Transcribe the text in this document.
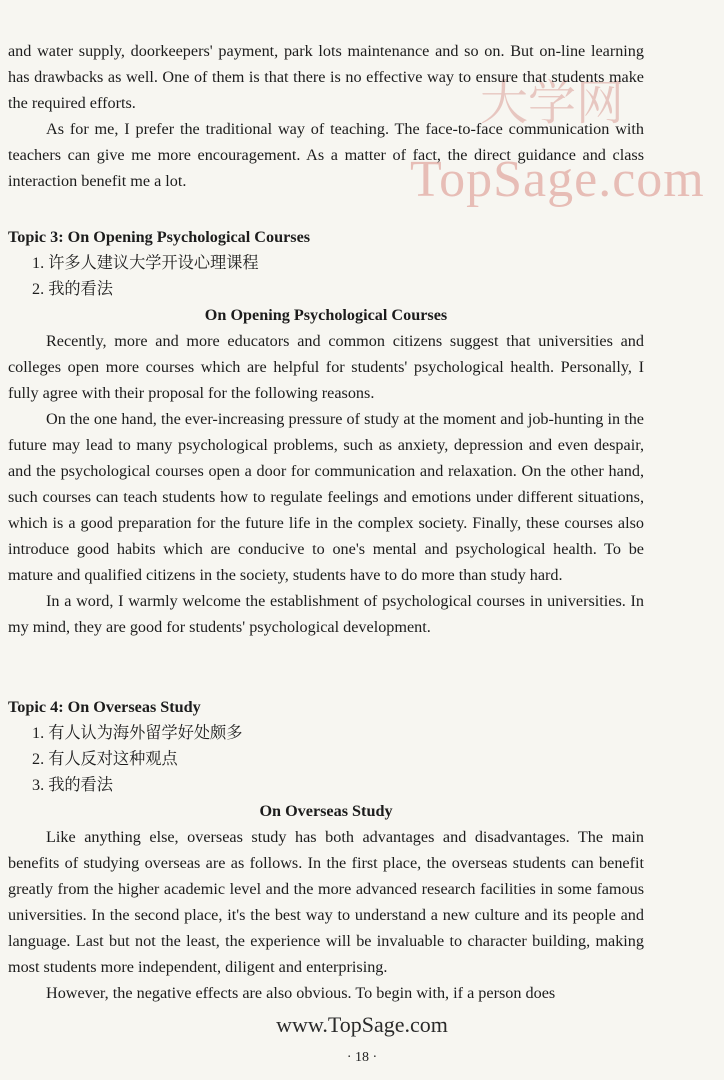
大学网
TopSage.com

and water supply, doorkeepers' payment, park lots maintenance and so on. But on-line learning has drawbacks as well. One of them is that there is no effective way to ensure that students make the required efforts.

As for me, I prefer the traditional way of teaching. The face-to-face communication with teachers can give me more encouragement. As a matter of fact, the direct guidance and class interaction benefit me a lot.

Topic 3: On Opening Psychological Courses

1. 许多人建议大学开设心理课程
2. 我的看法

On Opening Psychological Courses

Recently, more and more educators and common citizens suggest that universities and colleges open more courses which are helpful for students' psychological health. Personally, I fully agree with their proposal for the following reasons.

On the one hand, the ever-increasing pressure of study at the moment and job-hunting in the future may lead to many psychological problems, such as anxiety, depression and even despair, and the psychological courses open a door for communication and relaxation. On the other hand, such courses can teach students how to regulate feelings and emotions under different situations, which is a good preparation for the future life in the complex society. Finally, these courses also introduce good habits which are conducive to one's mental and psychological health. To be mature and qualified citizens in the society, students have to do more than study hard.

In a word, I warmly welcome the establishment of psychological courses in universities. In my mind, they are good for students' psychological development.

Topic 4: On Overseas Study

1. 有人认为海外留学好处颇多
2. 有人反对这种观点
3. 我的看法

On Overseas Study

Like anything else, overseas study has both advantages and disadvantages. The main benefits of studying overseas are as follows. In the first place, the overseas students can benefit greatly from the higher academic level and the more advanced research facilities in some famous universities. In the second place, it's the best way to understand a new culture and its people and language. Last but not the least, the experience will be invaluable to character building, making most students more independent, diligent and enterprising.

However, the negative effects are also obvious. To begin with, if a person does

www.TopSage.com
· 18 ·
